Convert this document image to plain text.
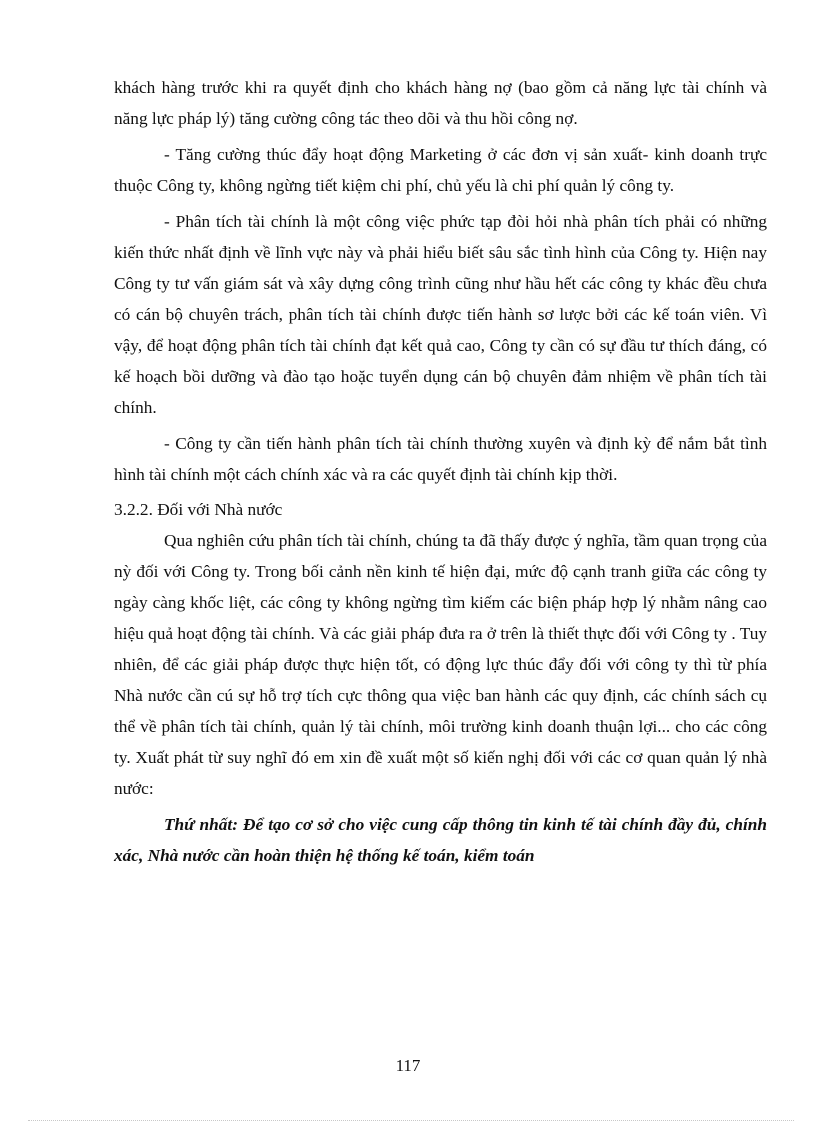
khách hàng trước khi ra quyết định cho khách hàng nợ (bao gồm cả năng lực tài chính và năng lực pháp lý) tăng cường công tác theo dõi và thu hồi công nợ.

- Tăng cường thúc đẩy hoạt động Marketing ở các đơn vị sản xuất- kinh doanh trực thuộc Công ty, không ngừng tiết kiệm chi phí, chủ yếu là chi phí quản lý công ty.

- Phân tích tài chính là một công việc phức tạp đòi hỏi nhà phân tích phải có những kiến thức nhất định về lĩnh vực này và phải hiểu biết sâu sắc tình hình của Công ty. Hiện nay Công ty tư vấn giám sát và xây dựng công trình cũng như hầu hết các công ty khác đều chưa có cán bộ chuyên trách, phân tích tài chính được tiến hành sơ lược bởi các kế toán viên. Vì vậy, để hoạt động phân tích tài chính đạt kết quả cao, Công ty cần có sự đầu tư thích đáng, có kế hoạch bồi dưỡng và đào tạo hoặc tuyển dụng cán bộ chuyên đảm nhiệm về phân tích tài chính.

- Công ty cần tiến hành phân tích tài chính thường xuyên và định kỳ để nắm bắt tình hình tài chính một cách chính xác và ra các quyết định tài chính kịp thời.

3.2.2. Đối với Nhà nước

Qua nghiên cứu phân tích tài chính, chúng ta đã thấy được ý nghĩa, tầm quan trọng của nỳ đối với Công ty. Trong bối cảnh nền kinh tế hiện đại, mức độ cạnh tranh giữa các công ty ngày càng khốc liệt, các công ty không ngừng tìm kiếm các biện pháp hợp lý nhằm nâng cao hiệu quả hoạt động tài chính. Và các giải pháp đưa ra ở trên là thiết thực đối với Công ty . Tuy nhiên, để các giải pháp được thực hiện tốt, có động lực thúc đẩy đối với công ty thì từ phía Nhà nước cần cú sự hỗ trợ tích cực thông qua việc ban hành các quy định, các chính sách cụ thể về phân tích tài chính, quản lý tài chính, môi trường kinh doanh thuận lợi... cho các công ty. Xuất phát từ suy nghĩ đó em xin đề xuất một số kiến nghị đối với các cơ quan quản lý nhà nước:

Thứ nhất: Để tạo cơ sở cho việc cung cấp thông tin kinh tế tài chính đầy đủ, chính xác, Nhà nước cần hoàn thiện hệ thống kế toán, kiểm toán

117
